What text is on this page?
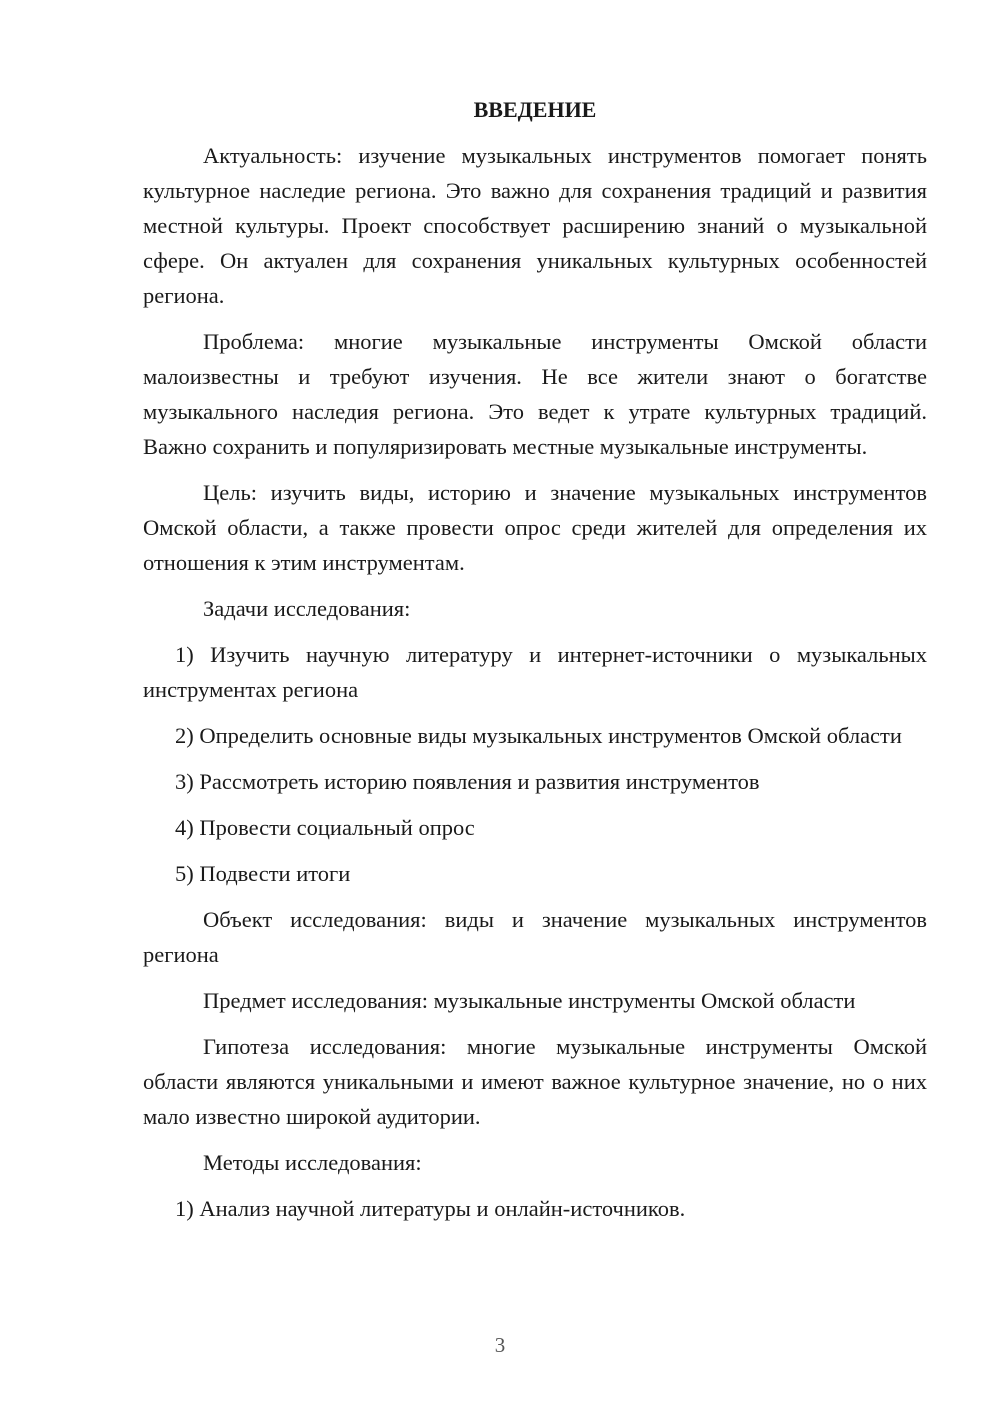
ВВЕДЕНИЕ

Актуальность: изучение музыкальных инструментов помогает понять культурное наследие региона. Это важно для сохранения традиций и развития местной культуры. Проект способствует расширению знаний о музыкальной сфере. Он актуален для сохранения уникальных культурных особенностей региона.

Проблема: многие музыкальные инструменты Омской области малоизвестны и требуют изучения. Не все жители знают о богатстве музыкального наследия региона. Это ведет к утрате культурных традиций. Важно сохранить и популяризировать местные музыкальные инструменты.

Цель: изучить виды, историю и значение музыкальных инструментов Омской области, а также провести опрос среди жителей для определения их отношения к этим инструментам.

Задачи исследования:

1) Изучить научную литературу и интернет-источники о музыкальных инструментах региона

2) Определить основные виды музыкальных инструментов Омской области

3) Рассмотреть историю появления и развития инструментов

4) Провести социальный опрос

5) Подвести итоги

Объект исследования: виды и значение музыкальных инструментов региона

Предмет исследования: музыкальные инструменты Омской области

Гипотеза исследования: многие музыкальные инструменты Омской области являются уникальными и имеют важное культурное значение, но о них мало известно широкой аудитории.

Методы исследования:

1) Анализ научной литературы и онлайн-источников.

3
